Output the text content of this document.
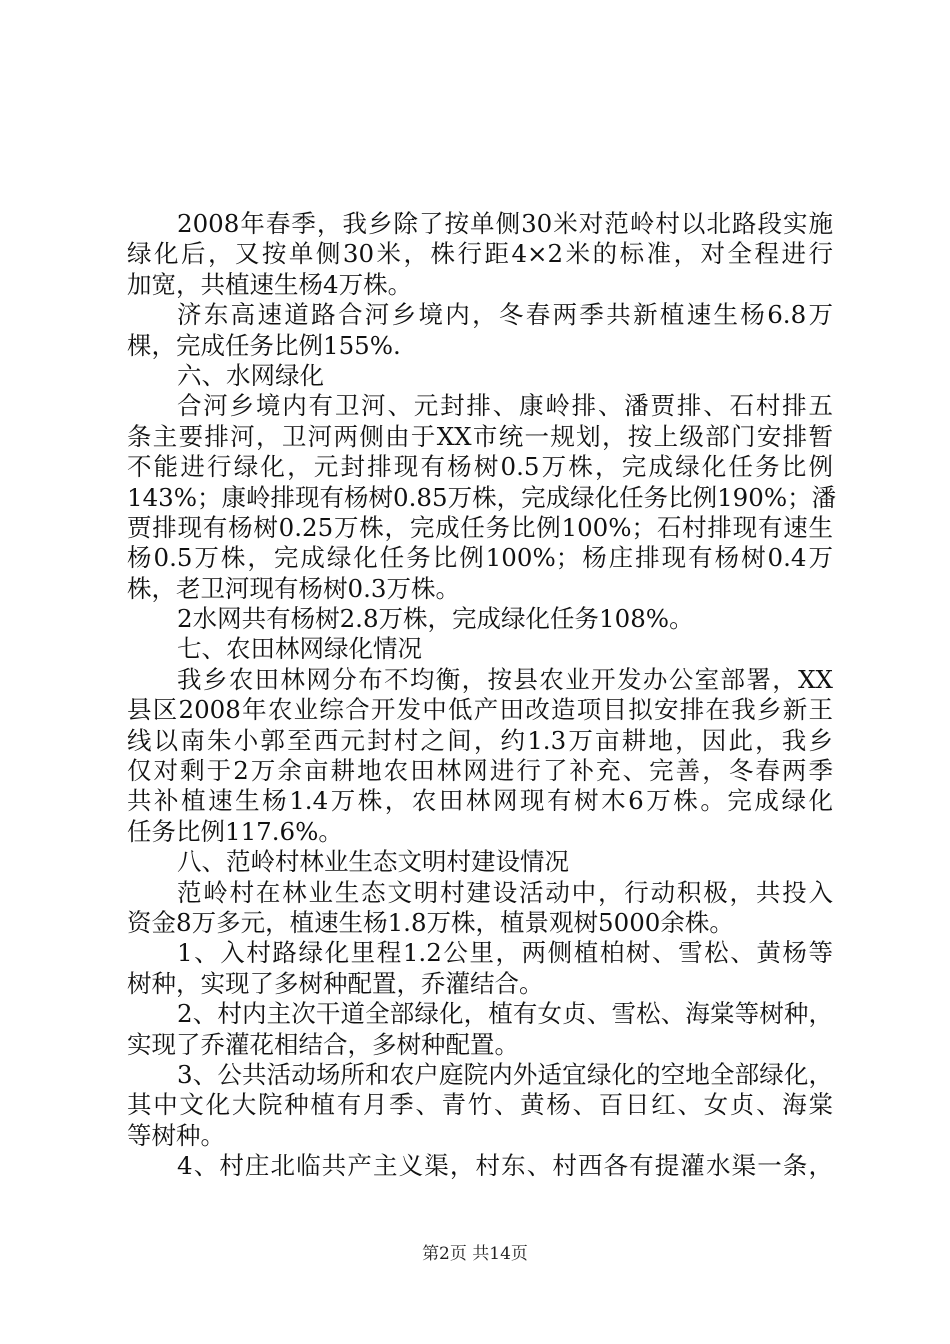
2008年春季，我乡除了按单侧30米对范岭村以北路段实施
绿化后，又按单侧30米，株行距4×2米的标准，对全程进行
加宽，共植速生杨4万株。
济东高速道路合河乡境内，冬春两季共新植速生杨6.8万
棵，完成任务比例155%.
六、水网绿化
合河乡境内有卫河、元封排、康岭排、潘贾排、石村排五
条主要排河，卫河两侧由于XX市统一规划，按上级部门安排暂
不能进行绿化，元封排现有杨树0.5万株，完成绿化任务比例
143%；康岭排现有杨树0.85万株，完成绿化任务比例190%；潘
贾排现有杨树0.25万株，完成任务比例100%；石村排现有速生
杨0.5万株，完成绿化任务比例100%；杨庄排现有杨树0.4万
株，老卫河现有杨树0.3万株。
2水网共有杨树2.8万株，完成绿化任务108%。
七、农田林网绿化情况
我乡农田林网分布不均衡，按县农业开发办公室部署，XX
县区2008年农业综合开发中低产田改造项目拟安排在我乡新王
线以南朱小郭至西元封村之间，约1.3万亩耕地，因此，我乡
仅对剩于2万余亩耕地农田林网进行了补充、完善，冬春两季
共补植速生杨1.4万株，农田林网现有树木6万株。完成绿化
任务比例117.6%。
八、范岭村林业生态文明村建设情况
范岭村在林业生态文明村建设活动中，行动积极，共投入
资金8万多元，植速生杨1.8万株，植景观树5000余株。
1、入村路绿化里程1.2公里，两侧植柏树、雪松、黄杨等
树种，实现了多树种配置，乔灌结合。
2、村内主次干道全部绿化，植有女贞、雪松、海棠等树种，
实现了乔灌花相结合，多树种配置。
3、公共活动场所和农户庭院内外适宜绿化的空地全部绿化，
其中文化大院种植有月季、青竹、黄杨、百日红、女贞、海棠
等树种。
4、村庄北临共产主义渠，村东、村西各有提灌水渠一条，
第2页 共14页
